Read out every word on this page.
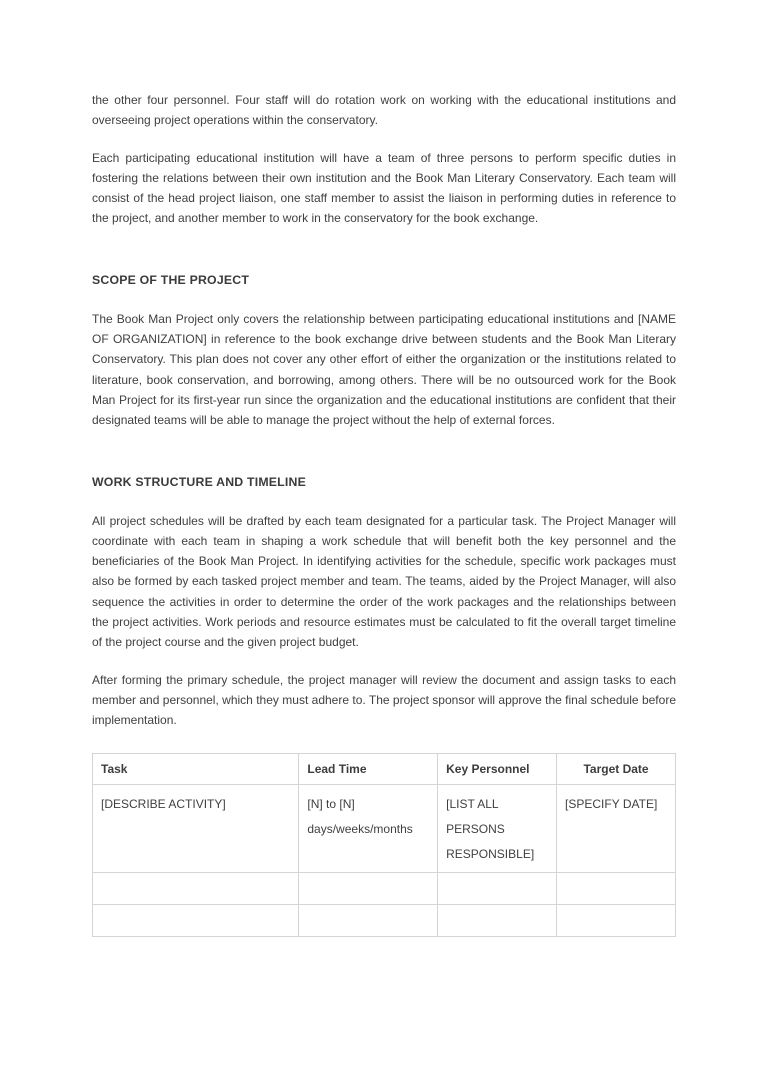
the other four personnel. Four staff will do rotation work on working with the educational institutions and overseeing project operations within the conservatory.

Each participating educational institution will have a team of three persons to perform specific duties in fostering the relations between their own institution and the Book Man Literary Conservatory. Each team will consist of the head project liaison, one staff member to assist the liaison in performing duties in reference to the project, and another member to work in the conservatory for the book exchange.

SCOPE OF THE PROJECT

The Book Man Project only covers the relationship between participating educational institutions and [NAME OF ORGANIZATION] in reference to the book exchange drive between students and the Book Man Literary Conservatory. This plan does not cover any other effort of either the organization or the institutions related to literature, book conservation, and borrowing, among others. There will be no outsourced work for the Book Man Project for its first-year run since the organization and the educational institutions are confident that their designated teams will be able to manage the project without the help of external forces.

WORK STRUCTURE AND TIMELINE

All project schedules will be drafted by each team designated for a particular task. The Project Manager will coordinate with each team in shaping a work schedule that will benefit both the key personnel and the beneficiaries of the Book Man Project. In identifying activities for the schedule, specific work packages must also be formed by each tasked project member and team. The teams, aided by the Project Manager, will also sequence the activities in order to determine the order of the work packages and the relationships between the project activities. Work periods and resource estimates must be calculated to fit the overall target timeline of the project course and the given project budget.

After forming the primary schedule, the project manager will review the document and assign tasks to each member and personnel, which they must adhere to. The project sponsor will approve the final schedule before implementation.

Task	Lead Time	Key Personnel	Target Date
[DESCRIBE ACTIVITY]	[N] to [N] days/weeks/months	[LIST ALL PERSONS RESPONSIBLE]	[SPECIFY DATE]
